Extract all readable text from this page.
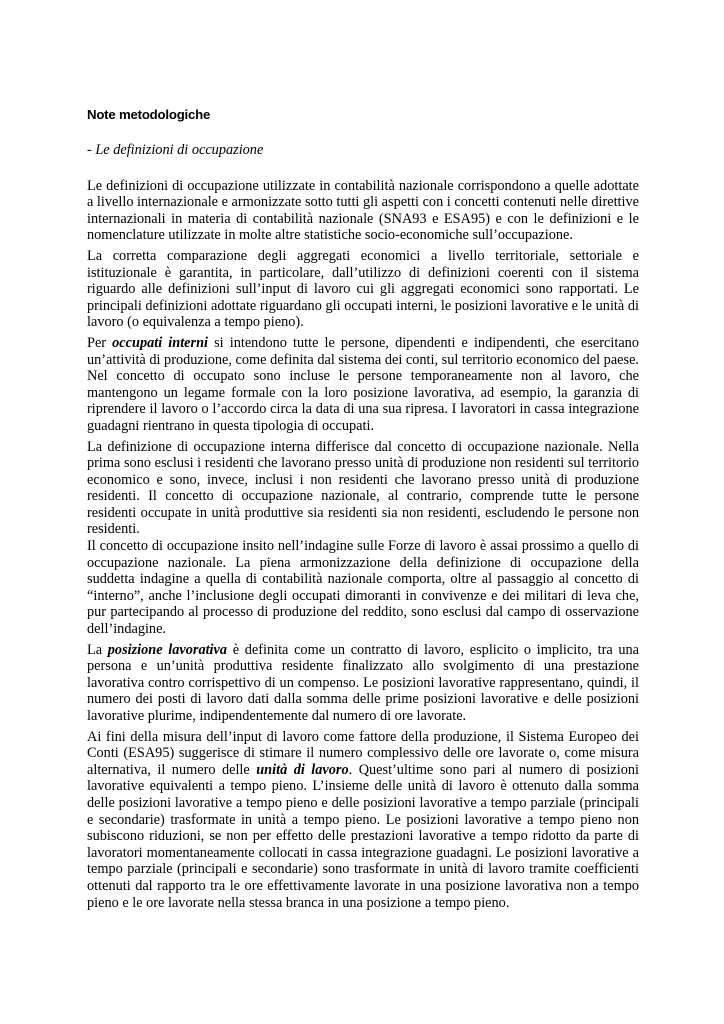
Note metodologiche
- Le definizioni di occupazione

Le definizioni di occupazione utilizzate in contabilità nazionale corrispondono a quelle adottate a livello internazionale e armonizzate sotto tutti gli aspetti con i concetti contenuti nelle direttive internazionali in materia di contabilità nazionale (SNA93 e ESA95) e con le definizioni e le nomenclature utilizzate in molte altre statistiche socio-economiche sull’occupazione.

La corretta comparazione degli aggregati economici a livello territoriale, settoriale e istituzionale è garantita, in particolare, dall’utilizzo di definizioni coerenti con il sistema riguardo alle definizioni sull’input di lavoro cui gli aggregati economici sono rapportati. Le principali definizioni adottate riguardano gli occupati interni, le posizioni lavorative e le unità di lavoro (o equivalenza a tempo pieno).

Per occupati interni si intendono tutte le persone, dipendenti e indipendenti, che esercitano un’attività di produzione, come definita dal sistema dei conti, sul territorio economico del paese. Nel concetto di occupato sono incluse le persone temporaneamente non al lavoro, che mantengono un legame formale con la loro posizione lavorativa, ad esempio, la garanzia di riprendere il lavoro o l’accordo circa la data di una sua ripresa. I lavoratori in cassa integrazione guadagni rientrano in questa tipologia di occupati.

La definizione di occupazione interna differisce dal concetto di occupazione nazionale. Nella prima sono esclusi i residenti che lavorano presso unità di produzione non residenti sul territorio economico e sono, invece, inclusi i non residenti che lavorano presso unità di produzione residenti. Il concetto di occupazione nazionale, al contrario, comprende tutte le persone residenti occupate in unità produttive sia residenti sia non residenti, escludendo le persone non residenti.

Il concetto di occupazione insito nell’indagine sulle Forze di lavoro è assai prossimo a quello di occupazione nazionale. La piena armonizzazione della definizione di occupazione della suddetta indagine a quella di contabilità nazionale comporta, oltre al passaggio al concetto di “interno”, anche l’inclusione degli occupati dimoranti in convivenze e dei militari di leva che, pur partecipando al processo di produzione del reddito, sono esclusi dal campo di osservazione dell’indagine.

La posizione lavorativa è definita come un contratto di lavoro, esplicito o implicito, tra una persona e un’unità produttiva residente finalizzato allo svolgimento di una prestazione lavorativa contro corrispettivo di un compenso. Le posizioni lavorative rappresentano, quindi, il numero dei posti di lavoro dati dalla somma delle prime posizioni lavorative e delle posizioni lavorative plurime, indipendentemente dal numero di ore lavorate.

Ai fini della misura dell’input di lavoro come fattore della produzione, il Sistema Europeo dei Conti (ESA95) suggerisce di stimare il numero complessivo delle ore lavorate o, come misura alternativa, il numero delle unità di lavoro. Quest’ultime sono pari al numero di posizioni lavorative equivalenti a tempo pieno. L’insieme delle unità di lavoro è ottenuto dalla somma delle posizioni lavorative a tempo pieno e delle posizioni lavorative a tempo parziale (principali e secondarie) trasformate in unità a tempo pieno. Le posizioni lavorative a tempo pieno non subiscono riduzioni, se non per effetto delle prestazioni lavorative a tempo ridotto da parte di lavoratori momentaneamente collocati in cassa integrazione guadagni. Le posizioni lavorative a tempo parziale (principali e secondarie) sono trasformate in unità di lavoro tramite coefficienti ottenuti dal rapporto tra le ore effettivamente lavorate in una posizione lavorativa non a tempo pieno e le ore lavorate nella stessa branca in una posizione a tempo pieno.
